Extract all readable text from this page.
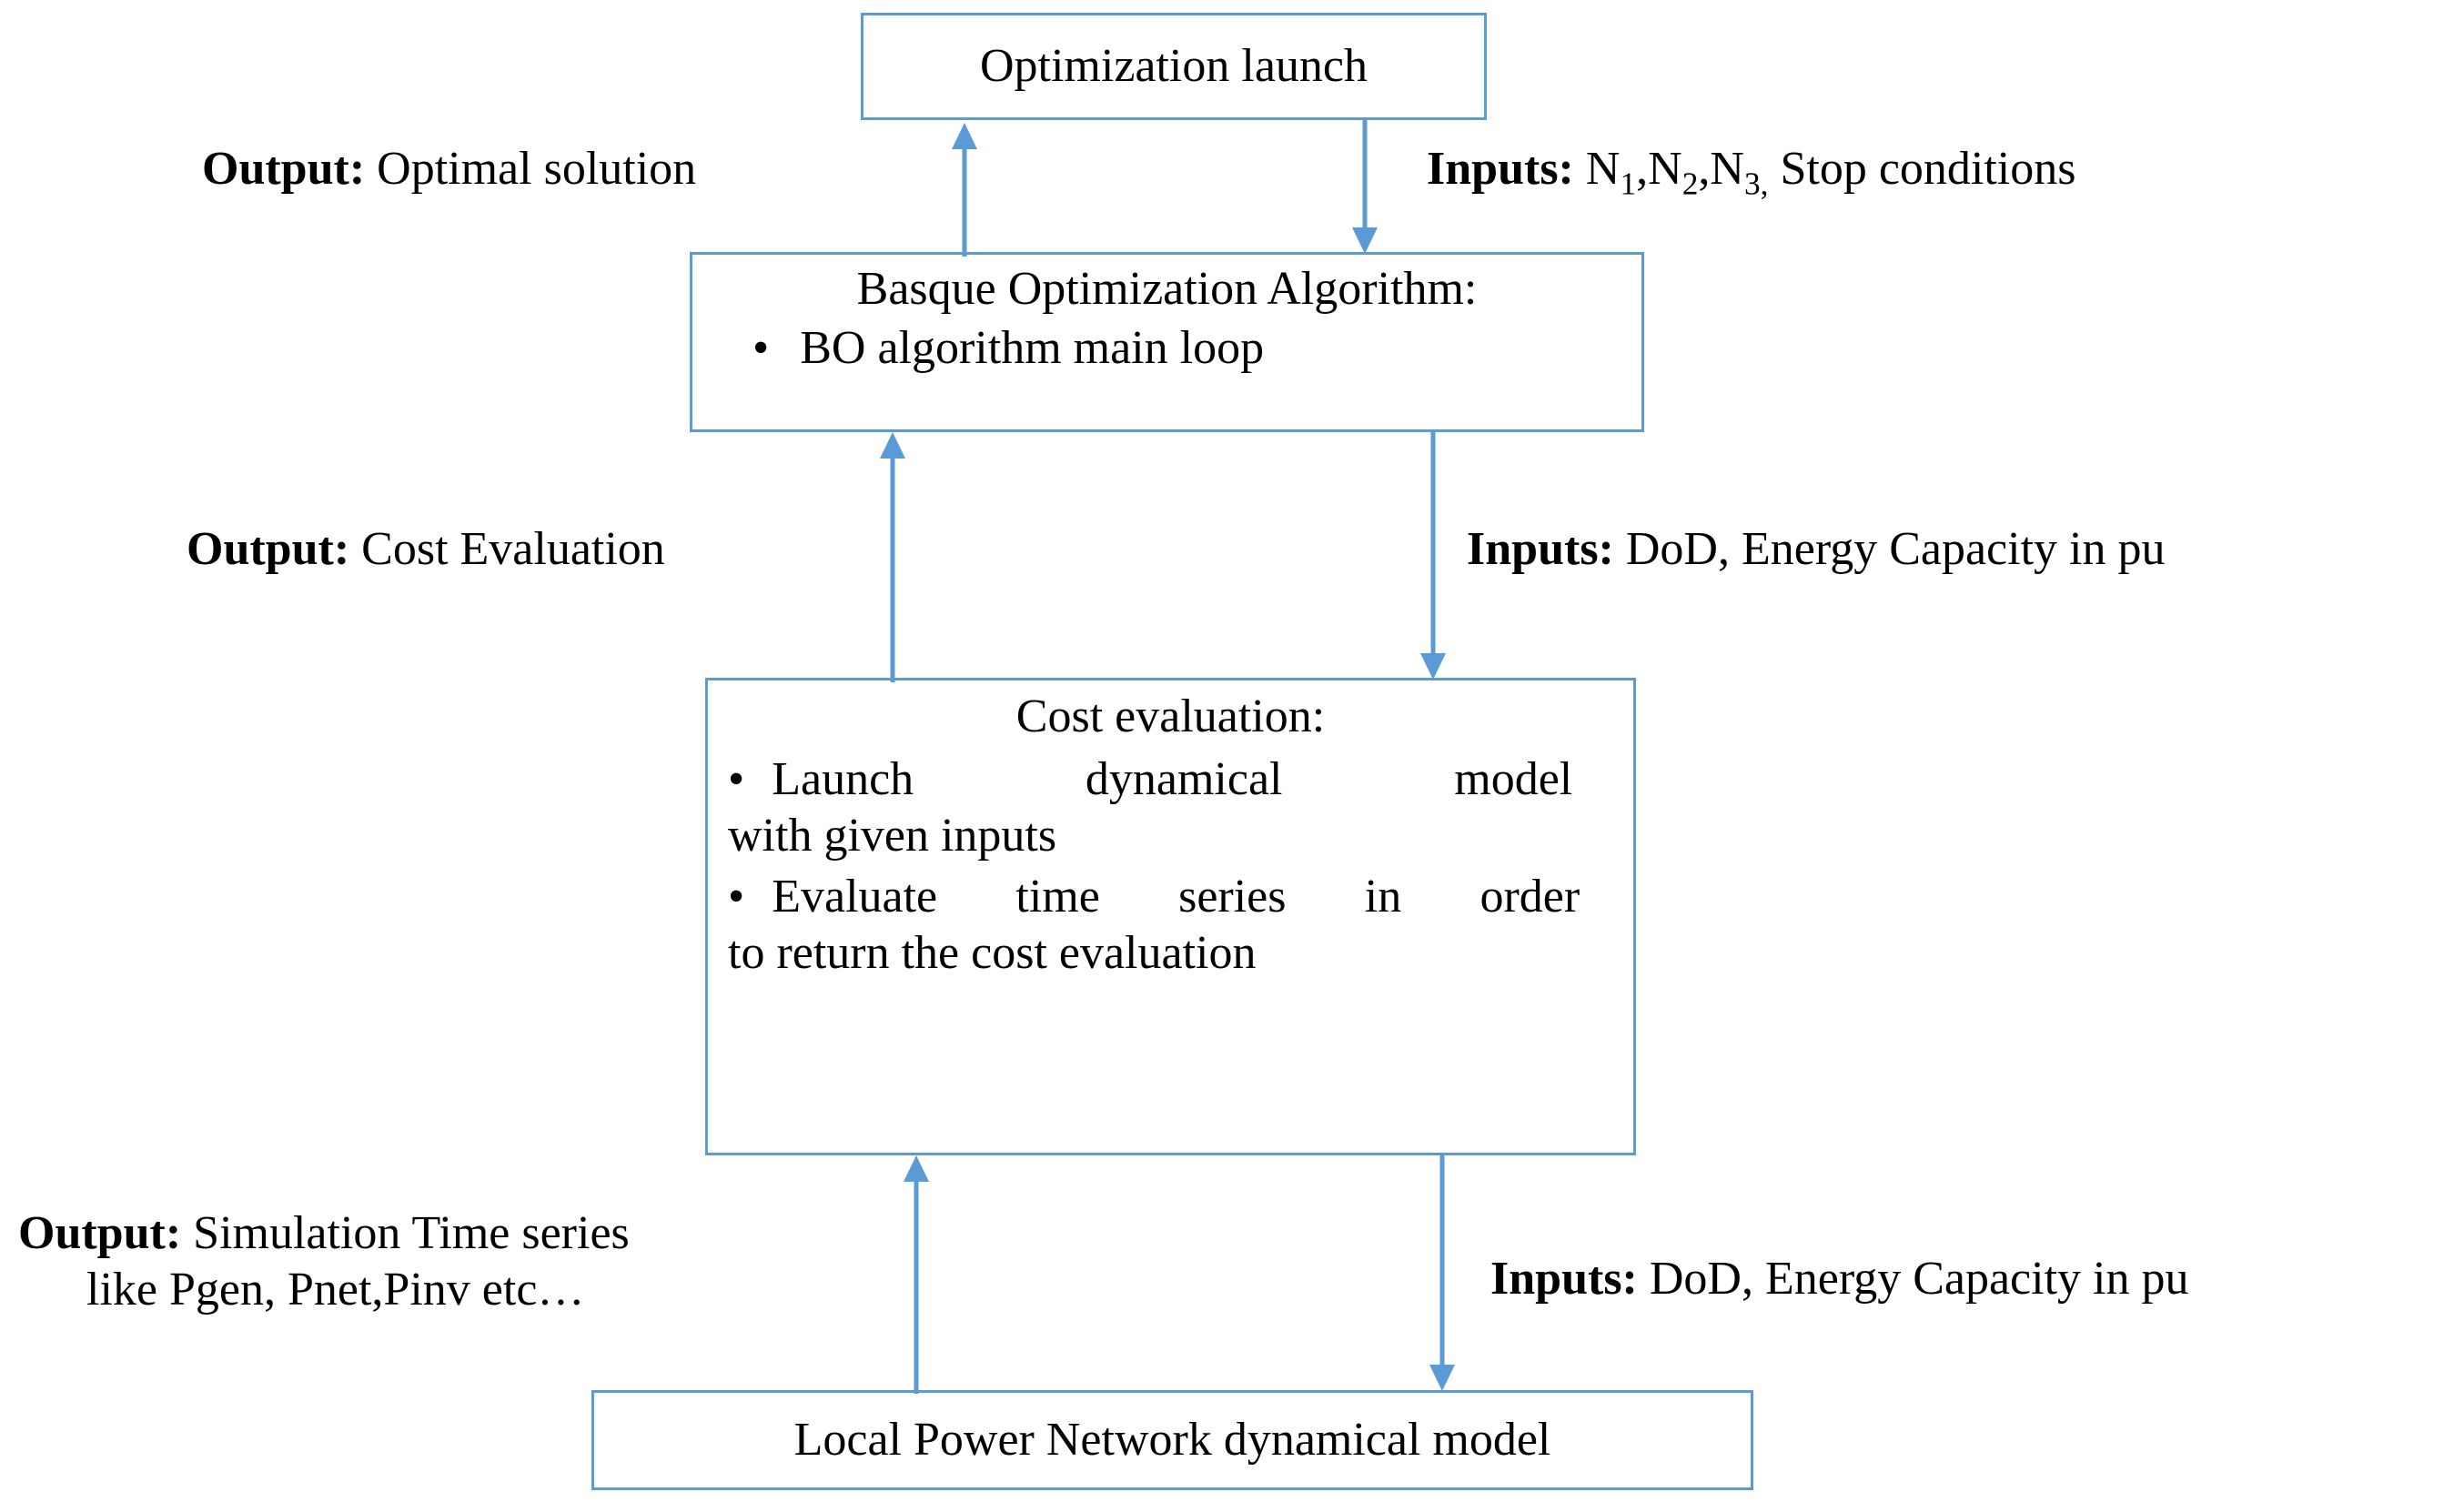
Optimization launch
Basque Optimization Algorithm:
• BO algorithm main loop
Cost evaluation:
• Launch dynamical model
with given inputs
• Evaluate time series in order
to return the cost evaluation
Local Power Network dynamical model
Output: Optimal solution	Inputs: $N_1,N_2,N_{3,}$ Stop conditions
Output: Cost Evaluation	Inputs: DoD, Energy Capacity in pu
Output: Simulation Time series
like Pgen, Pnet,Pinv etc…	Inputs: DoD, Energy Capacity in pu
